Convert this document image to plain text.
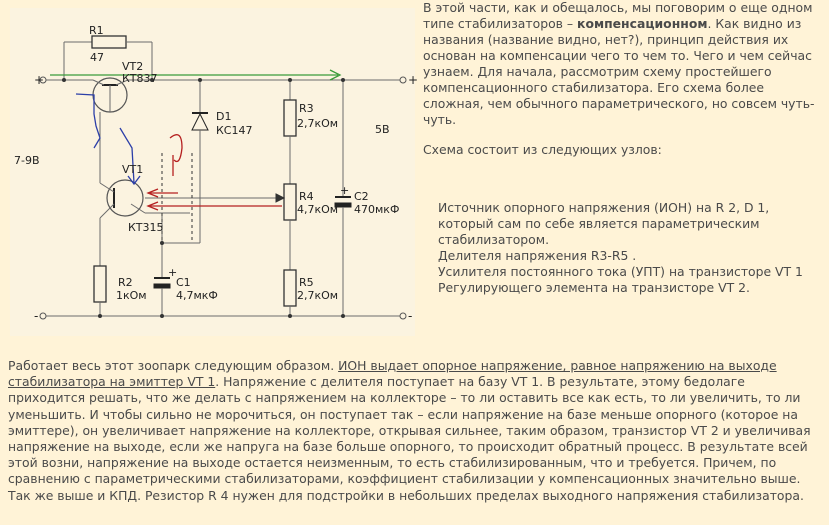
R1
47
VT2
КТ837
D1
КС147
R3
2,7кОм	5В
7-9В
VT1
КТ315
R4
4,7кОм
C2
470мкФ
R2
1кОм
C1
4,7мкФ
R5
2,7кОм
+
+
+
-
+
-

В этой части, как и обещалось, мы поговорим о еще одном типе стабилизаторов – компенсационном. Как видно из названия (название видно, нет?), принцип действия их основан на компенсации чего то чем то. Чего и чем сейчас узнаем. Для начала, рассмотрим схему простейшего компенсационного стабилизатора. Его схема более сложная, чем обычного параметрического, но совсем чуть-чуть.

Схема состоит из следующих узлов:

Источник опорного напряжения (ИОН) на R 2, D 1, который сам по себе является параметрическим стабилизатором.
Делителя напряжения R3-R5 .
Усилителя постоянного тока (УПТ) на транзисторе VT 1
Регулирующего элемента на транзисторе VT 2.
Работает весь этот зоопарк следующим образом. ИОН выдает опорное напряжение, равное напряжению на выходе стабилизатора на эмиттер VT 1. Напряжение с делителя поступает на базу VT 1. В результате, этому бедолаге приходится решать, что же делать с напряжением на коллекторе – то ли оставить все как есть, то ли увеличить, то ли уменьшить. И чтобы сильно не морочиться, он поступает так – если напряжение на базе меньше опорного (которое на эмиттере), он увеличивает напряжение на коллекторе, открывая сильнее, таким образом, транзистор VT 2 и увеличивая напряжение на выходе, если же напруга на базе больше опорного, то происходит обратный процесс. В результате всей этой возни, напряжение на выходе остается неизменным, то есть стабилизированным, что и требуется. Причем, по сравнению с параметрическими стабилизаторами, коэффициент стабилизации у компенсационных значительно выше. Так же выше и КПД. Резистор R 4 нужен для подстройки в небольших пределах выходного напряжения стабилизатора.
